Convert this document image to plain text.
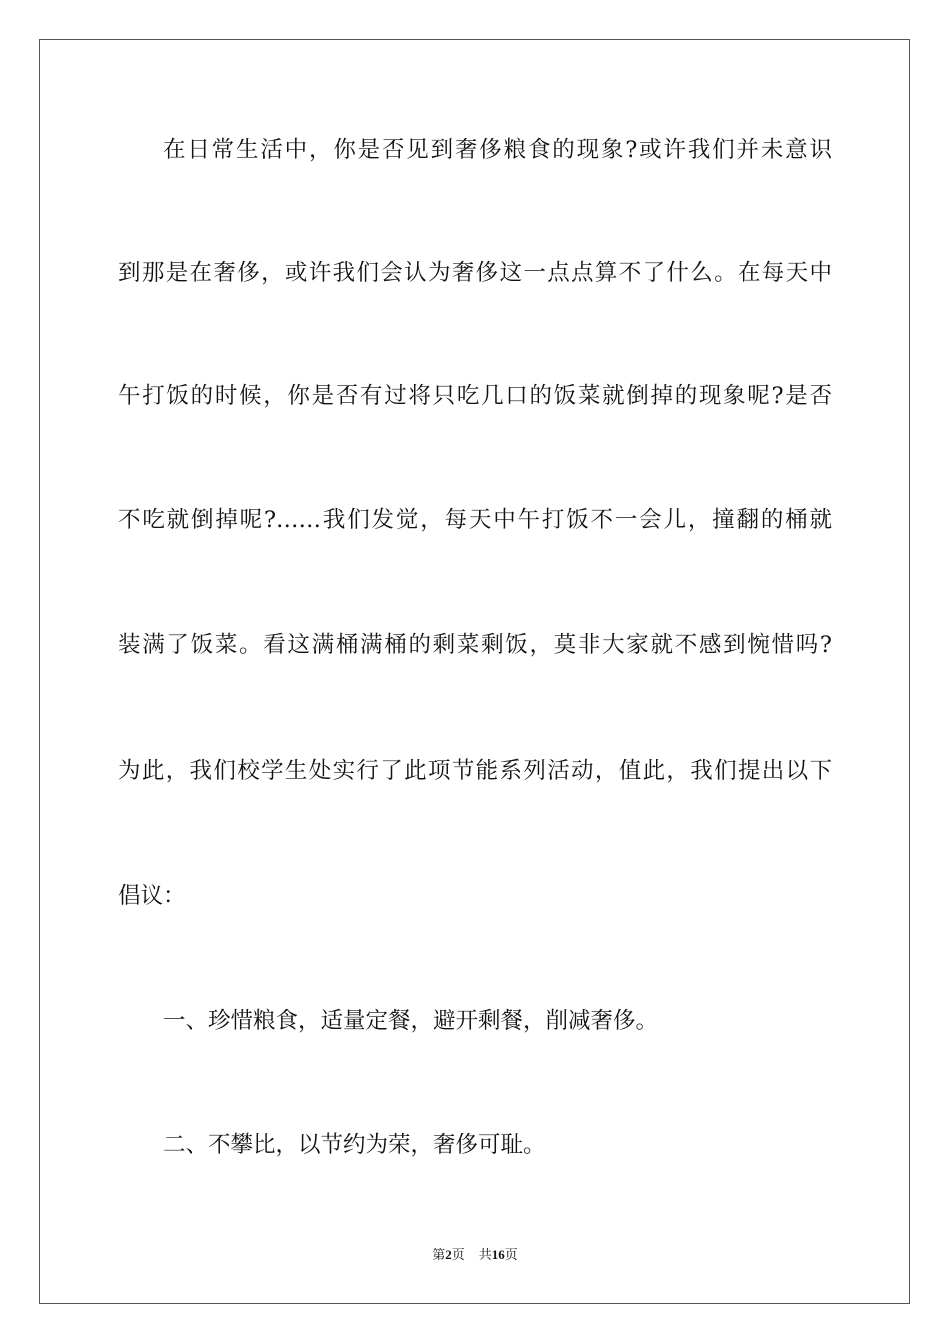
在日常生活中，你是否见到奢侈粮食的现象?或许我们并未意识
到那是在奢侈，或许我们会认为奢侈这一点点算不了什么。在每天中
午打饭的时候，你是否有过将只吃几口的饭菜就倒掉的现象呢?是否
不吃就倒掉呢?……我们发觉，每天中午打饭不一会儿，撞翻的桶就
装满了饭菜。看这满桶满桶的剩菜剩饭，莫非大家就不感到惋惜吗?
为此，我们校学生处实行了此项节能系列活动，值此，我们提出以下
倡议：
一、珍惜粮食，适量定餐，避开剩餐，削减奢侈。
二、不攀比，以节约为荣，奢侈可耻。
第2页 共16页
